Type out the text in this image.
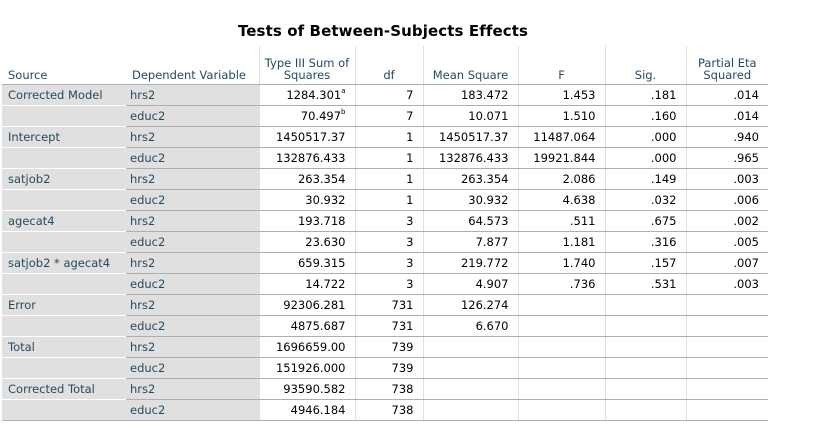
Tests of Between-Subjects Effects
Source	Dependent Variable	Type III Sum of Squares	df	Mean Square	F	Sig.	Partial Eta Squared
Corrected Model	hrs2	1284.301$^a$	7	183.472	1.453	.181	.014
	educ2	70.497$^b$	7	10.071	1.510	.160	.014
Intercept	hrs2	1450517.37	1	1450517.37	11487.064	.000	.940
	educ2	132876.433	1	132876.433	19921.844	.000	.965
satjob2	hrs2	263.354	1	263.354	2.086	.149	.003
	educ2	30.932	1	30.932	4.638	.032	.006
agecat4	hrs2	193.718	3	64.573	.511	.675	.002
	educ2	23.630	3	7.877	1.181	.316	.005
satjob2 * agecat4	hrs2	659.315	3	219.772	1.740	.157	.007
	educ2	14.722	3	4.907	.736	.531	.003
Error	hrs2	92306.281	731	126.274			
	educ2	4875.687	731	6.670			
Total	hrs2	1696659.00	739				
	educ2	151926.000	739				
Corrected Total	hrs2	93590.582	738				
	educ2	4946.184	738				
